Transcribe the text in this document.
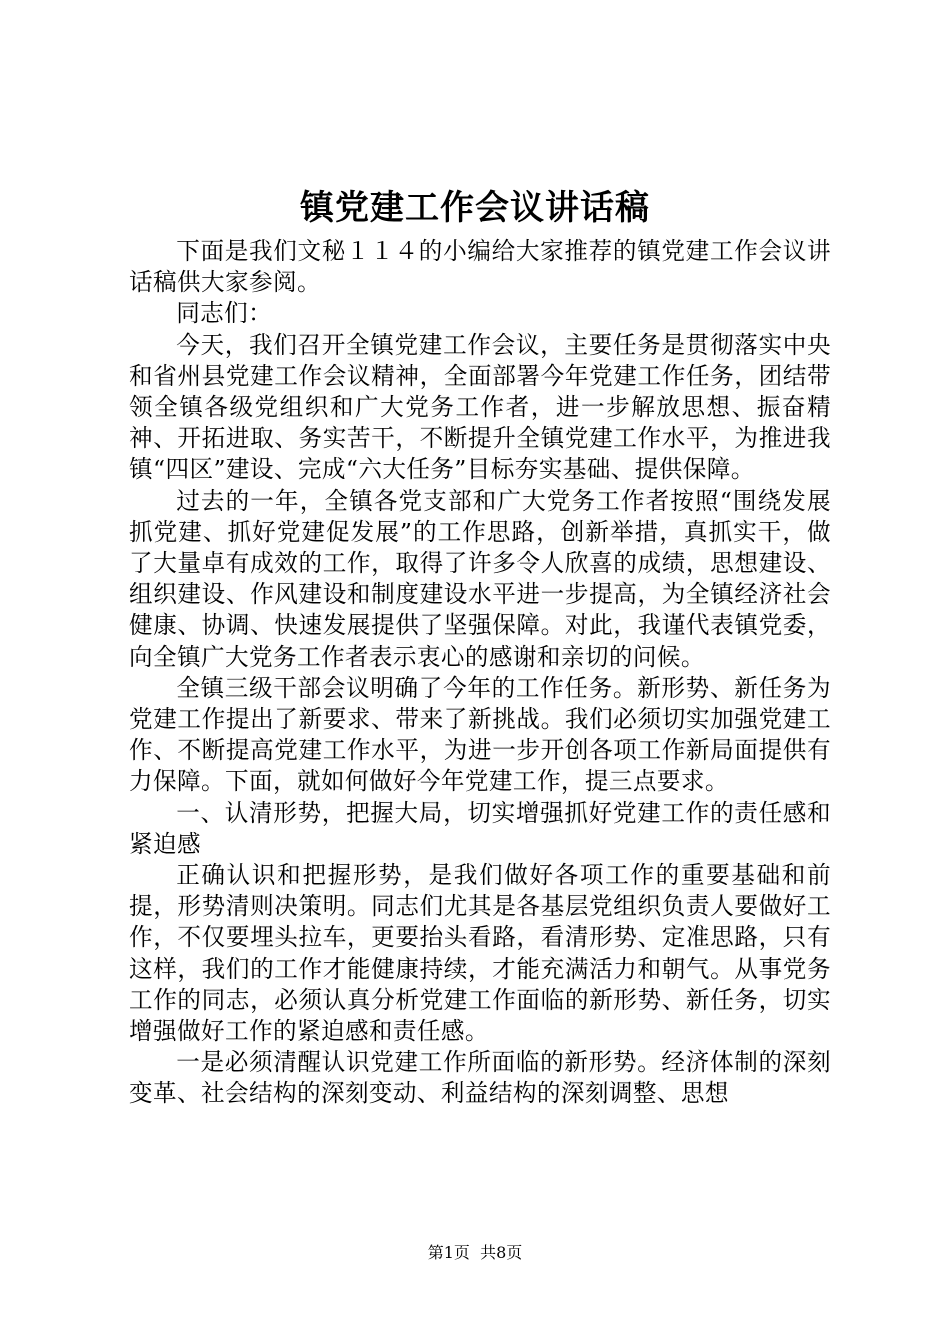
镇党建工作会议讲话稿

下面是我们文秘１１４的小编给大家推荐的镇党建工作会议讲话稿供大家参阅。

同志们：

今天，我们召开全镇党建工作会议，主要任务是贯彻落实中央和省州县党建工作会议精神，全面部署今年党建工作任务，团结带领全镇各级党组织和广大党务工作者，进一步解放思想、振奋精神、开拓进取、务实苦干，不断提升全镇党建工作水平，为推进我镇“四区”建设、完成“六大任务”目标夯实基础、提供保障。

过去的一年，全镇各党支部和广大党务工作者按照“围绕发展抓党建、抓好党建促发展”的工作思路，创新举措，真抓实干，做了大量卓有成效的工作，取得了许多令人欣喜的成绩，思想建设、组织建设、作风建设和制度建设水平进一步提高，为全镇经济社会健康、协调、快速发展提供了坚强保障。对此，我谨代表镇党委，向全镇广大党务工作者表示衷心的感谢和亲切的问候。

全镇三级干部会议明确了今年的工作任务。新形势、新任务为党建工作提出了新要求、带来了新挑战。我们必须切实加强党建工作、不断提高党建工作水平，为进一步开创各项工作新局面提供有力保障。下面，就如何做好今年党建工作，提三点要求。

一、认清形势，把握大局，切实增强抓好党建工作的责任感和紧迫感

正确认识和把握形势，是我们做好各项工作的重要基础和前提，形势清则决策明。同志们尤其是各基层党组织负责人要做好工作，不仅要埋头拉车，更要抬头看路，看清形势、定准思路，只有这样，我们的工作才能健康持续，才能充满活力和朝气。从事党务工作的同志，必须认真分析党建工作面临的新形势、新任务，切实增强做好工作的紧迫感和责任感。

一是必须清醒认识党建工作所面临的新形势。经济体制的深刻变革、社会结构的深刻变动、利益结构的深刻调整、思想

第1页  共8页
